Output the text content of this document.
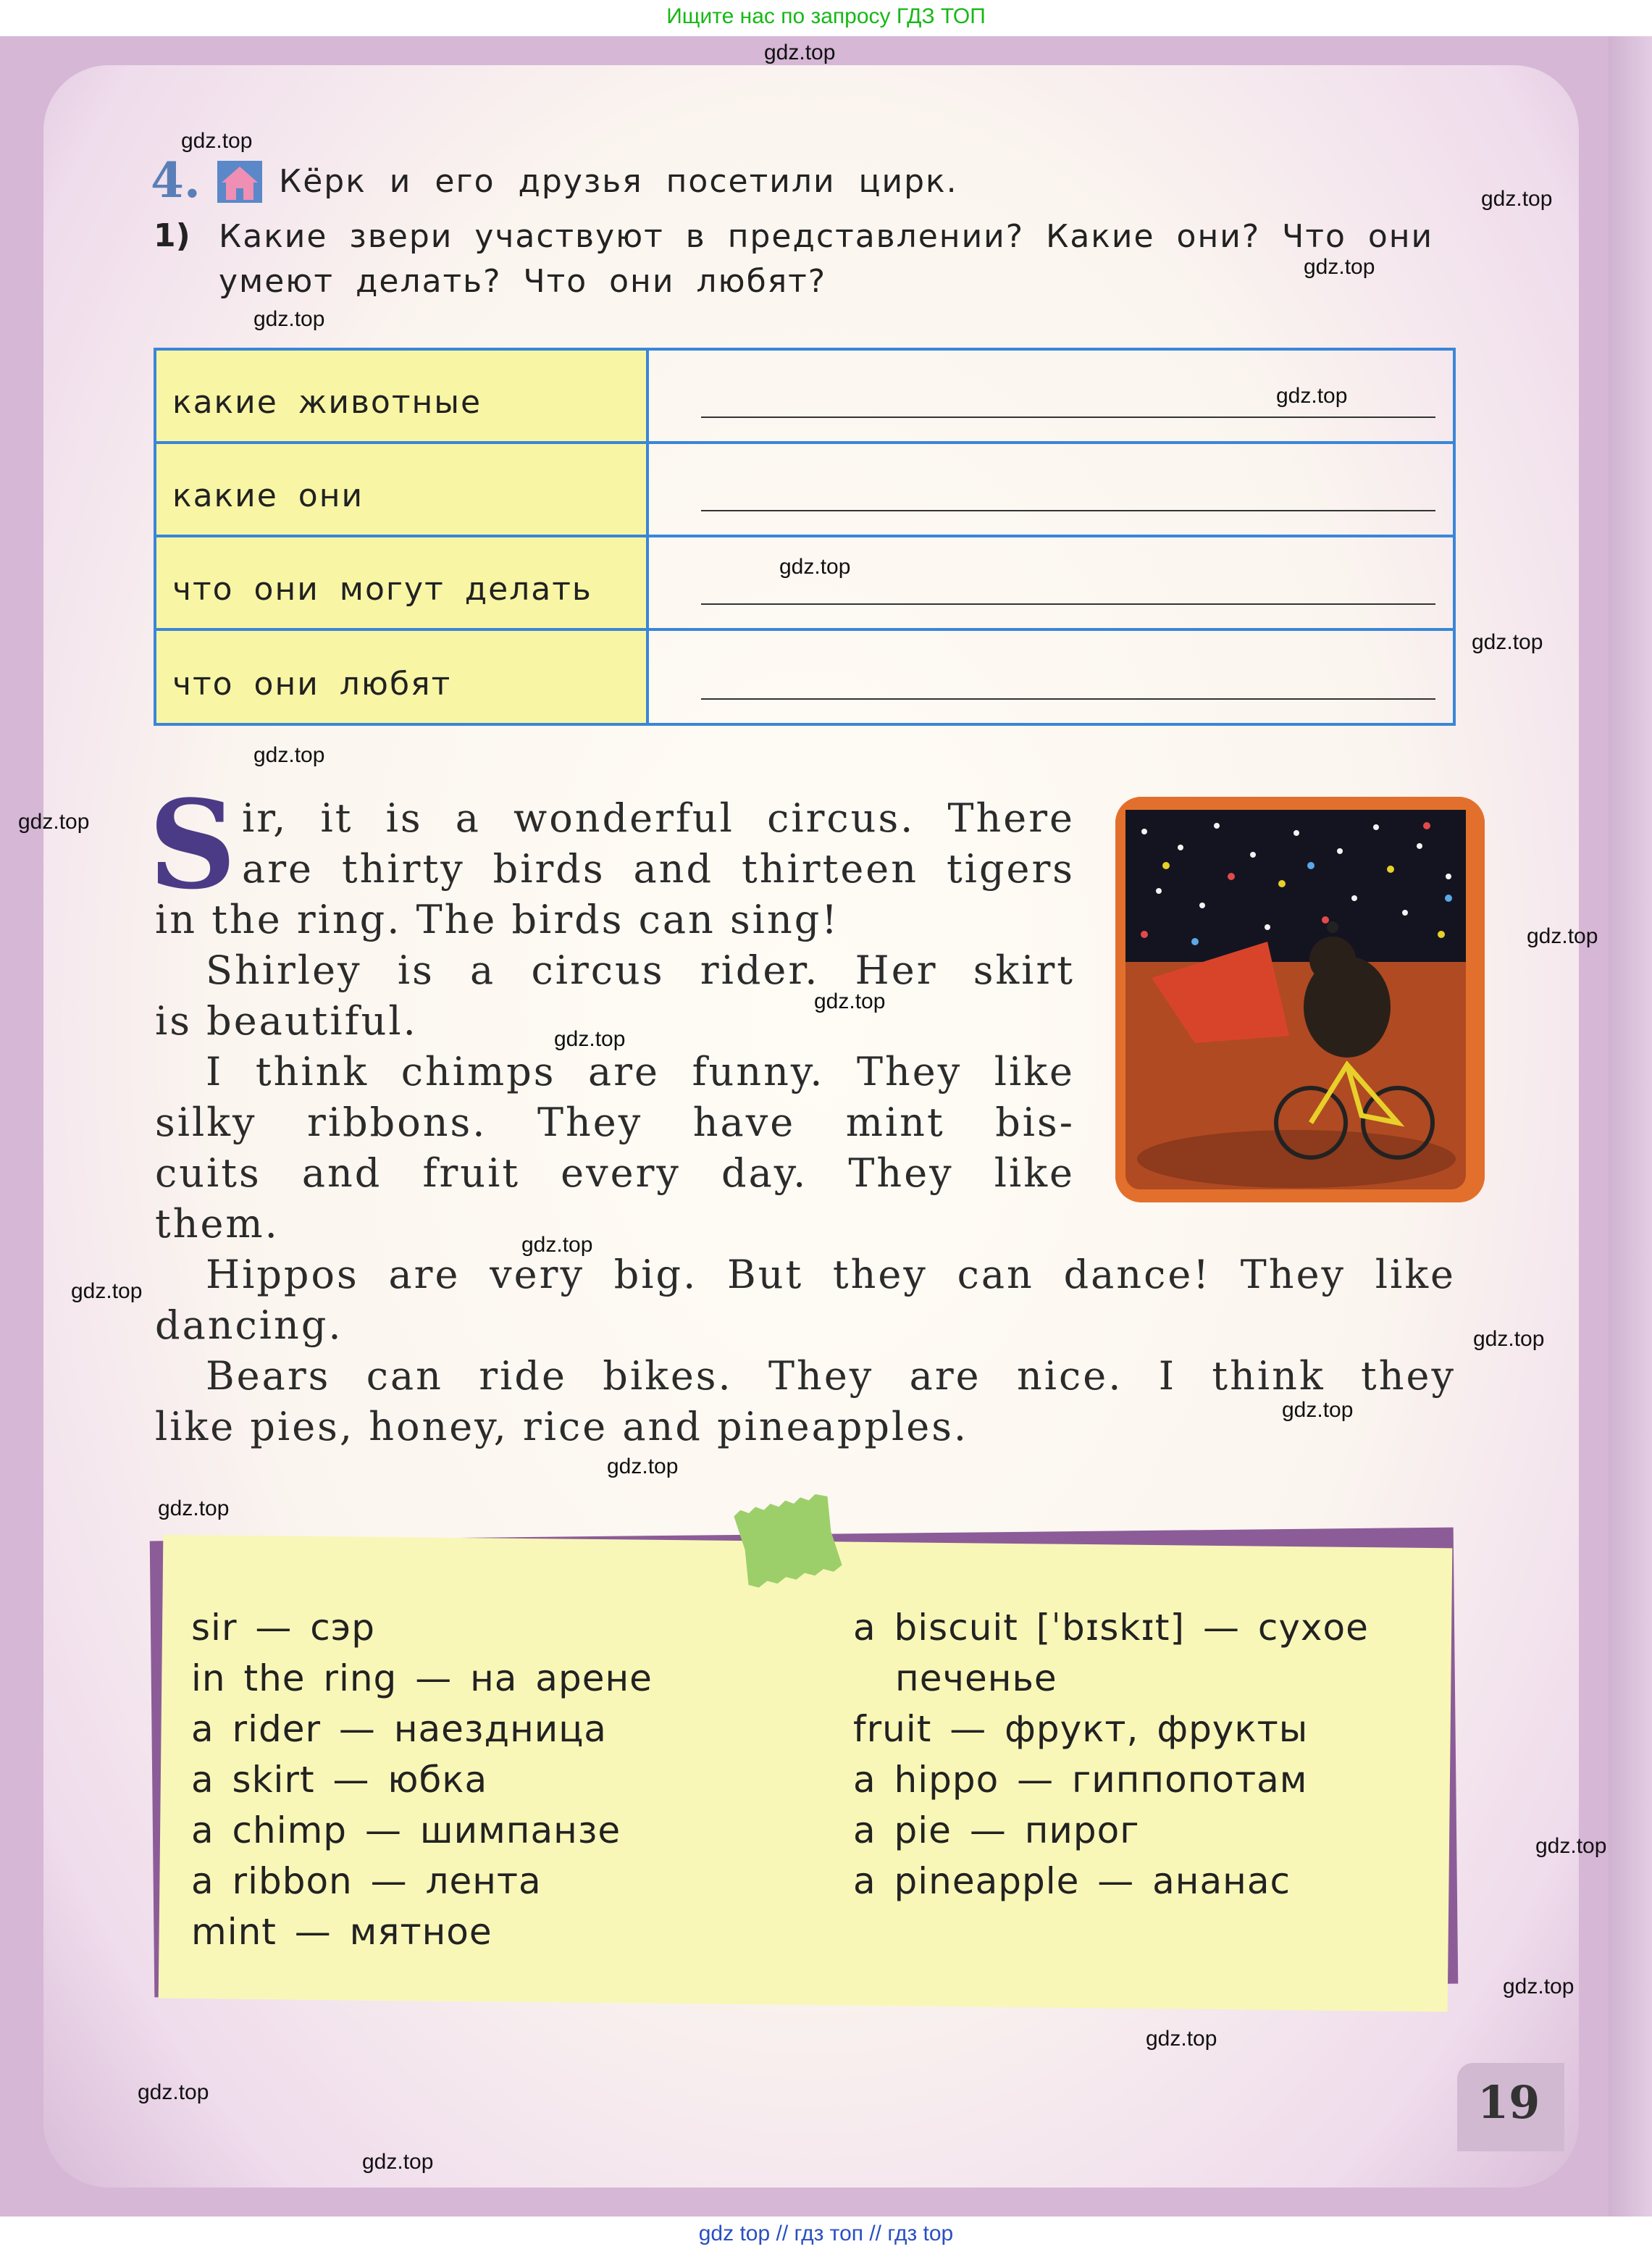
Ищите нас по запросу ГДЗ ТОП
gdz.top
gdz.top
gdz.top
gdz.top
gdz.top
gdz.top
gdz.top
gdz.top
gdz.top
gdz.top
gdz.top
gdz.top
gdz.top
gdz.top
gdz.top
gdz.top
gdz.top
gdz.top
gdz.top
gdz.top
gdz.top
gdz.top
gdz.top
gdz.top
4. Кёрк и его друзья посетили цирк.
1) Какие звери участвуют в представлении? Какие они? Что они умеют делать? Что они любят?
какие животные
какие они
что они могут делать
что они любят
S ir, it is a wonderful circus. There

are thirty birds and thirteen tigers

in the ring. The birds can sing!

Shirley is a circus rider. Her skirt

is beautiful.

I think chimps are funny. They like

silky ribbons. They have mint bis-

cuits and fruit every day. They like

them.

Hippos are very big. But they can dance! They like

dancing.

Bears can ride bikes. They are nice. I think they

like pies, honey, rice and pineapples.

sir — сэр
in the ring — на арене
a rider — наездница
a skirt — юбка
a chimp — шимпанзе
a ribbon — лента
mint — мятное
a biscuit [ˈbɪskɪt] — сухое
печенье
fruit — фрукт, фрукты
a hippo — гиппопотам
a pie — пирог
a pineapple — ананас
19
gdz top // гдз топ // гдз top
